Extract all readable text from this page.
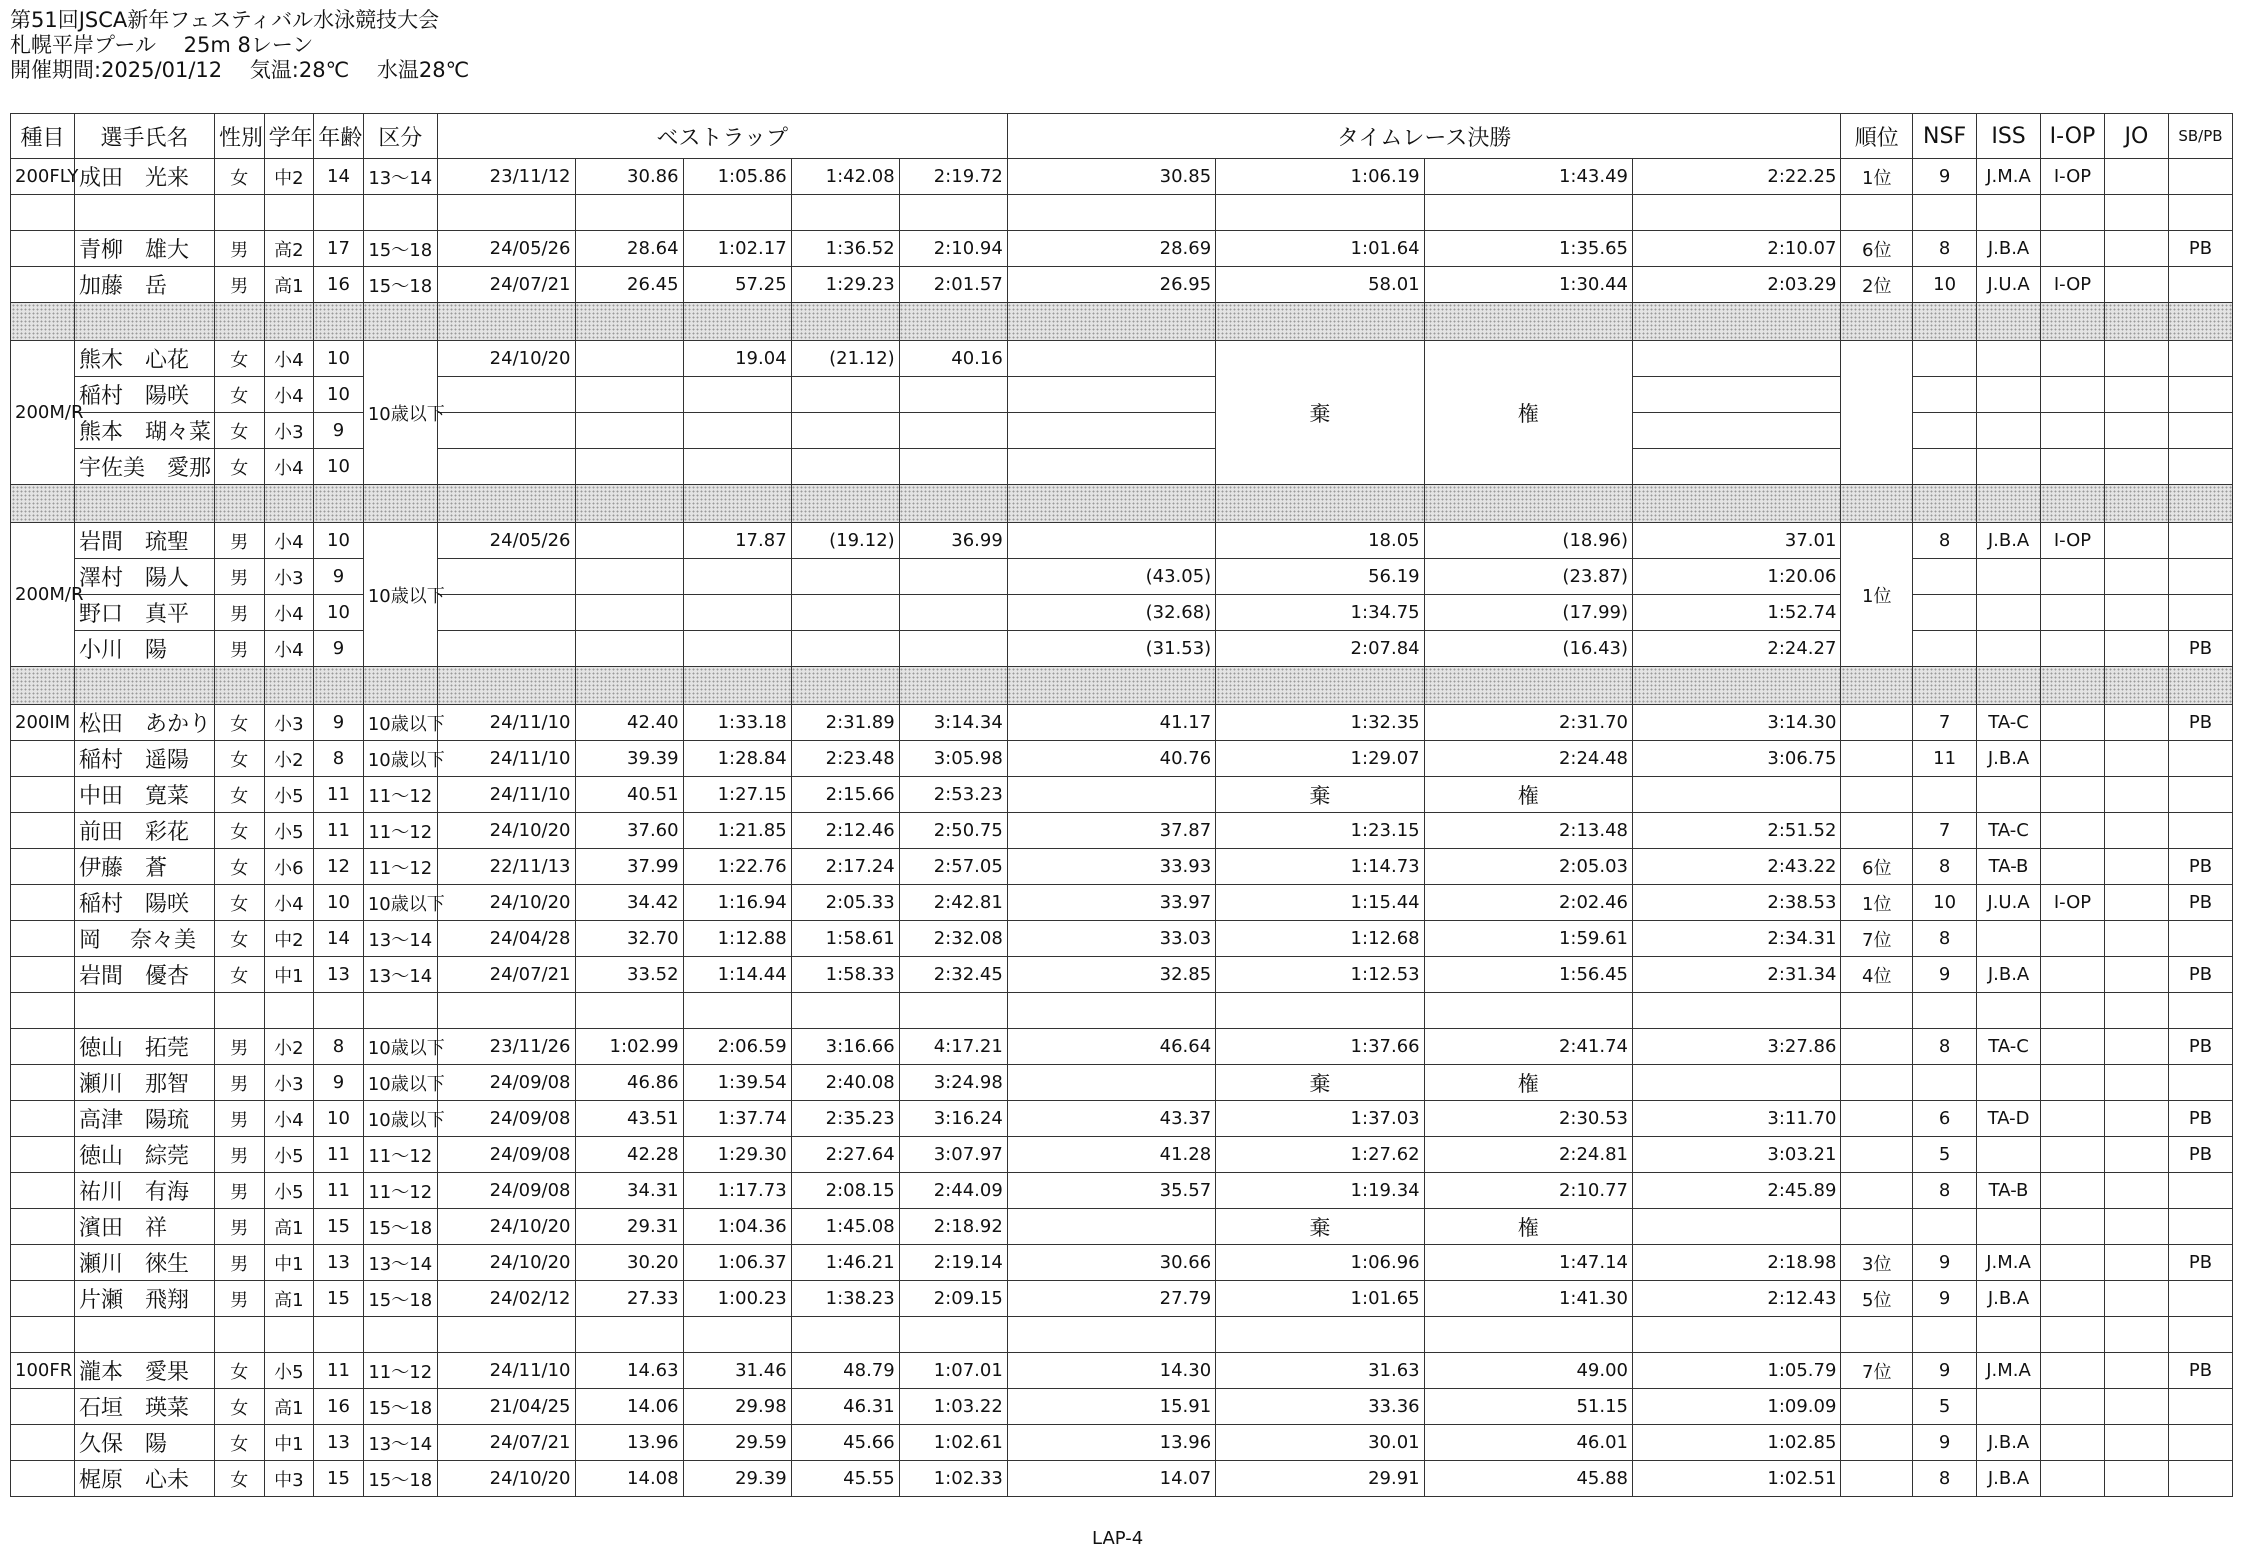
第51回JSCA新年フェスティバル水泳競技大会
札幌平岸プール　 25m 8レーン
開催期間:2025/01/12　 気温:28℃　 水温28℃
種目	選手氏名	性別	学年	年齢	区分	ベストラップ					タイムレース決勝				順位	NSF	ISS	I-OP	JO	SB/PB
200FLY	成田　光来	女	中2	14	13～14	23/11/12	30.86	1:05.86	1:42.08	2:19.72	30.85	1:06.19	1:43.49	2:22.25	1位	9	J.M.A	I-OP		

	青柳　雄大	男	高2	17	15～18	24/05/26	28.64	1:02.17	1:36.52	2:10.94	28.69	1:01.64	1:35.65	2:10.07	6位	8	J.B.A			PB
	加藤　岳	男	高1	16	15～18	24/07/21	26.45	57.25	1:29.23	2:01.57	26.95	58.01	1:30.44	2:03.29	2位	10	J.U.A	I-OP		

200M/R	熊木　心花	女	小4	10	10歳以下	24/10/20		19.04	(21.12)	40.16		棄	権							
	稲村　陽咲	女	小4	10																
	熊本　瑚々菜	女	小3	9																
	宇佐美　愛那	女	小4	10																

200M/R	岩間　琉聖	男	小4	10	10歳以下	24/05/26		17.87	(19.12)	36.99		18.05	(18.96)	37.01	1位	8	J.B.A	I-OP		
	澤村　陽人	男	小3	9							(43.05)	56.19	(23.87)	1:20.06						
	野口　真平	男	小4	10							(32.68)	1:34.75	(17.99)	1:52.74						
	小川　陽	男	小4	9							(31.53)	2:07.84	(16.43)	2:24.27						PB

200IM	松田　あかり	女	小3	9	10歳以下	24/11/10	42.40	1:33.18	2:31.89	3:14.34	41.17	1:32.35	2:31.70	3:14.30		7	TA-C			PB
	稲村　遥陽	女	小2	8	10歳以下	24/11/10	39.39	1:28.84	2:23.48	3:05.98	40.76	1:29.07	2:24.48	3:06.75		11	J.B.A			
	中田　寛菜	女	小5	11	11～12	24/11/10	40.51	1:27.15	2:15.66	2:53.23		棄	権							
	前田　彩花	女	小5	11	11～12	24/10/20	37.60	1:21.85	2:12.46	2:50.75	37.87	1:23.15	2:13.48	2:51.52		7	TA-C			
	伊藤　蒼	女	小6	12	11～12	22/11/13	37.99	1:22.76	2:17.24	2:57.05	33.93	1:14.73	2:05.03	2:43.22	6位	8	TA-B			PB
	稲村　陽咲	女	小4	10	10歳以下	24/10/20	34.42	1:16.94	2:05.33	2:42.81	33.97	1:15.44	2:02.46	2:38.53	1位	10	J.U.A	I-OP		PB
	岡　 奈々美	女	中2	14	13～14	24/04/28	32.70	1:12.88	1:58.61	2:32.08	33.03	1:12.68	1:59.61	2:34.31	7位	8				
	岩間　優杏	女	中1	13	13～14	24/07/21	33.52	1:14.44	1:58.33	2:32.45	32.85	1:12.53	1:56.45	2:31.34	4位	9	J.B.A			PB

	徳山　拓莞	男	小2	8	10歳以下	23/11/26	1:02.99	2:06.59	3:16.66	4:17.21	46.64	1:37.66	2:41.74	3:27.86		8	TA-C			PB
	瀬川　那智	男	小3	9	10歳以下	24/09/08	46.86	1:39.54	2:40.08	3:24.98		棄	権							
	高津　陽琉	男	小4	10	10歳以下	24/09/08	43.51	1:37.74	2:35.23	3:16.24	43.37	1:37.03	2:30.53	3:11.70		6	TA-D			PB
	徳山　綜莞	男	小5	11	11～12	24/09/08	42.28	1:29.30	2:27.64	3:07.97	41.28	1:27.62	2:24.81	3:03.21		5				PB
	祐川　有海	男	小5	11	11～12	24/09/08	34.31	1:17.73	2:08.15	2:44.09	35.57	1:19.34	2:10.77	2:45.89		8	TA-B			
	濱田　祥	男	高1	15	15～18	24/10/20	29.31	1:04.36	1:45.08	2:18.92		棄	権							
	瀬川　徠生	男	中1	13	13～14	24/10/20	30.20	1:06.37	1:46.21	2:19.14	30.66	1:06.96	1:47.14	2:18.98	3位	9	J.M.A			PB
	片瀬　飛翔	男	高1	15	15～18	24/02/12	27.33	1:00.23	1:38.23	2:09.15	27.79	1:01.65	1:41.30	2:12.43	5位	9	J.B.A			

100FR	瀧本　愛果	女	小5	11	11～12	24/11/10	14.63	31.46	48.79	1:07.01	14.30	31.63	49.00	1:05.79	7位	9	J.M.A			PB
	石垣　瑛菜	女	高1	16	15～18	21/04/25	14.06	29.98	46.31	1:03.22	15.91	33.36	51.15	1:09.09		5				
	久保　陽	女	中1	13	13～14	24/07/21	13.96	29.59	45.66	1:02.61	13.96	30.01	46.01	1:02.85		9	J.B.A			
	梶原　心未	女	中3	15	15～18	24/10/20	14.08	29.39	45.55	1:02.33	14.07	29.91	45.88	1:02.51		8	J.B.A			
LAP-4
